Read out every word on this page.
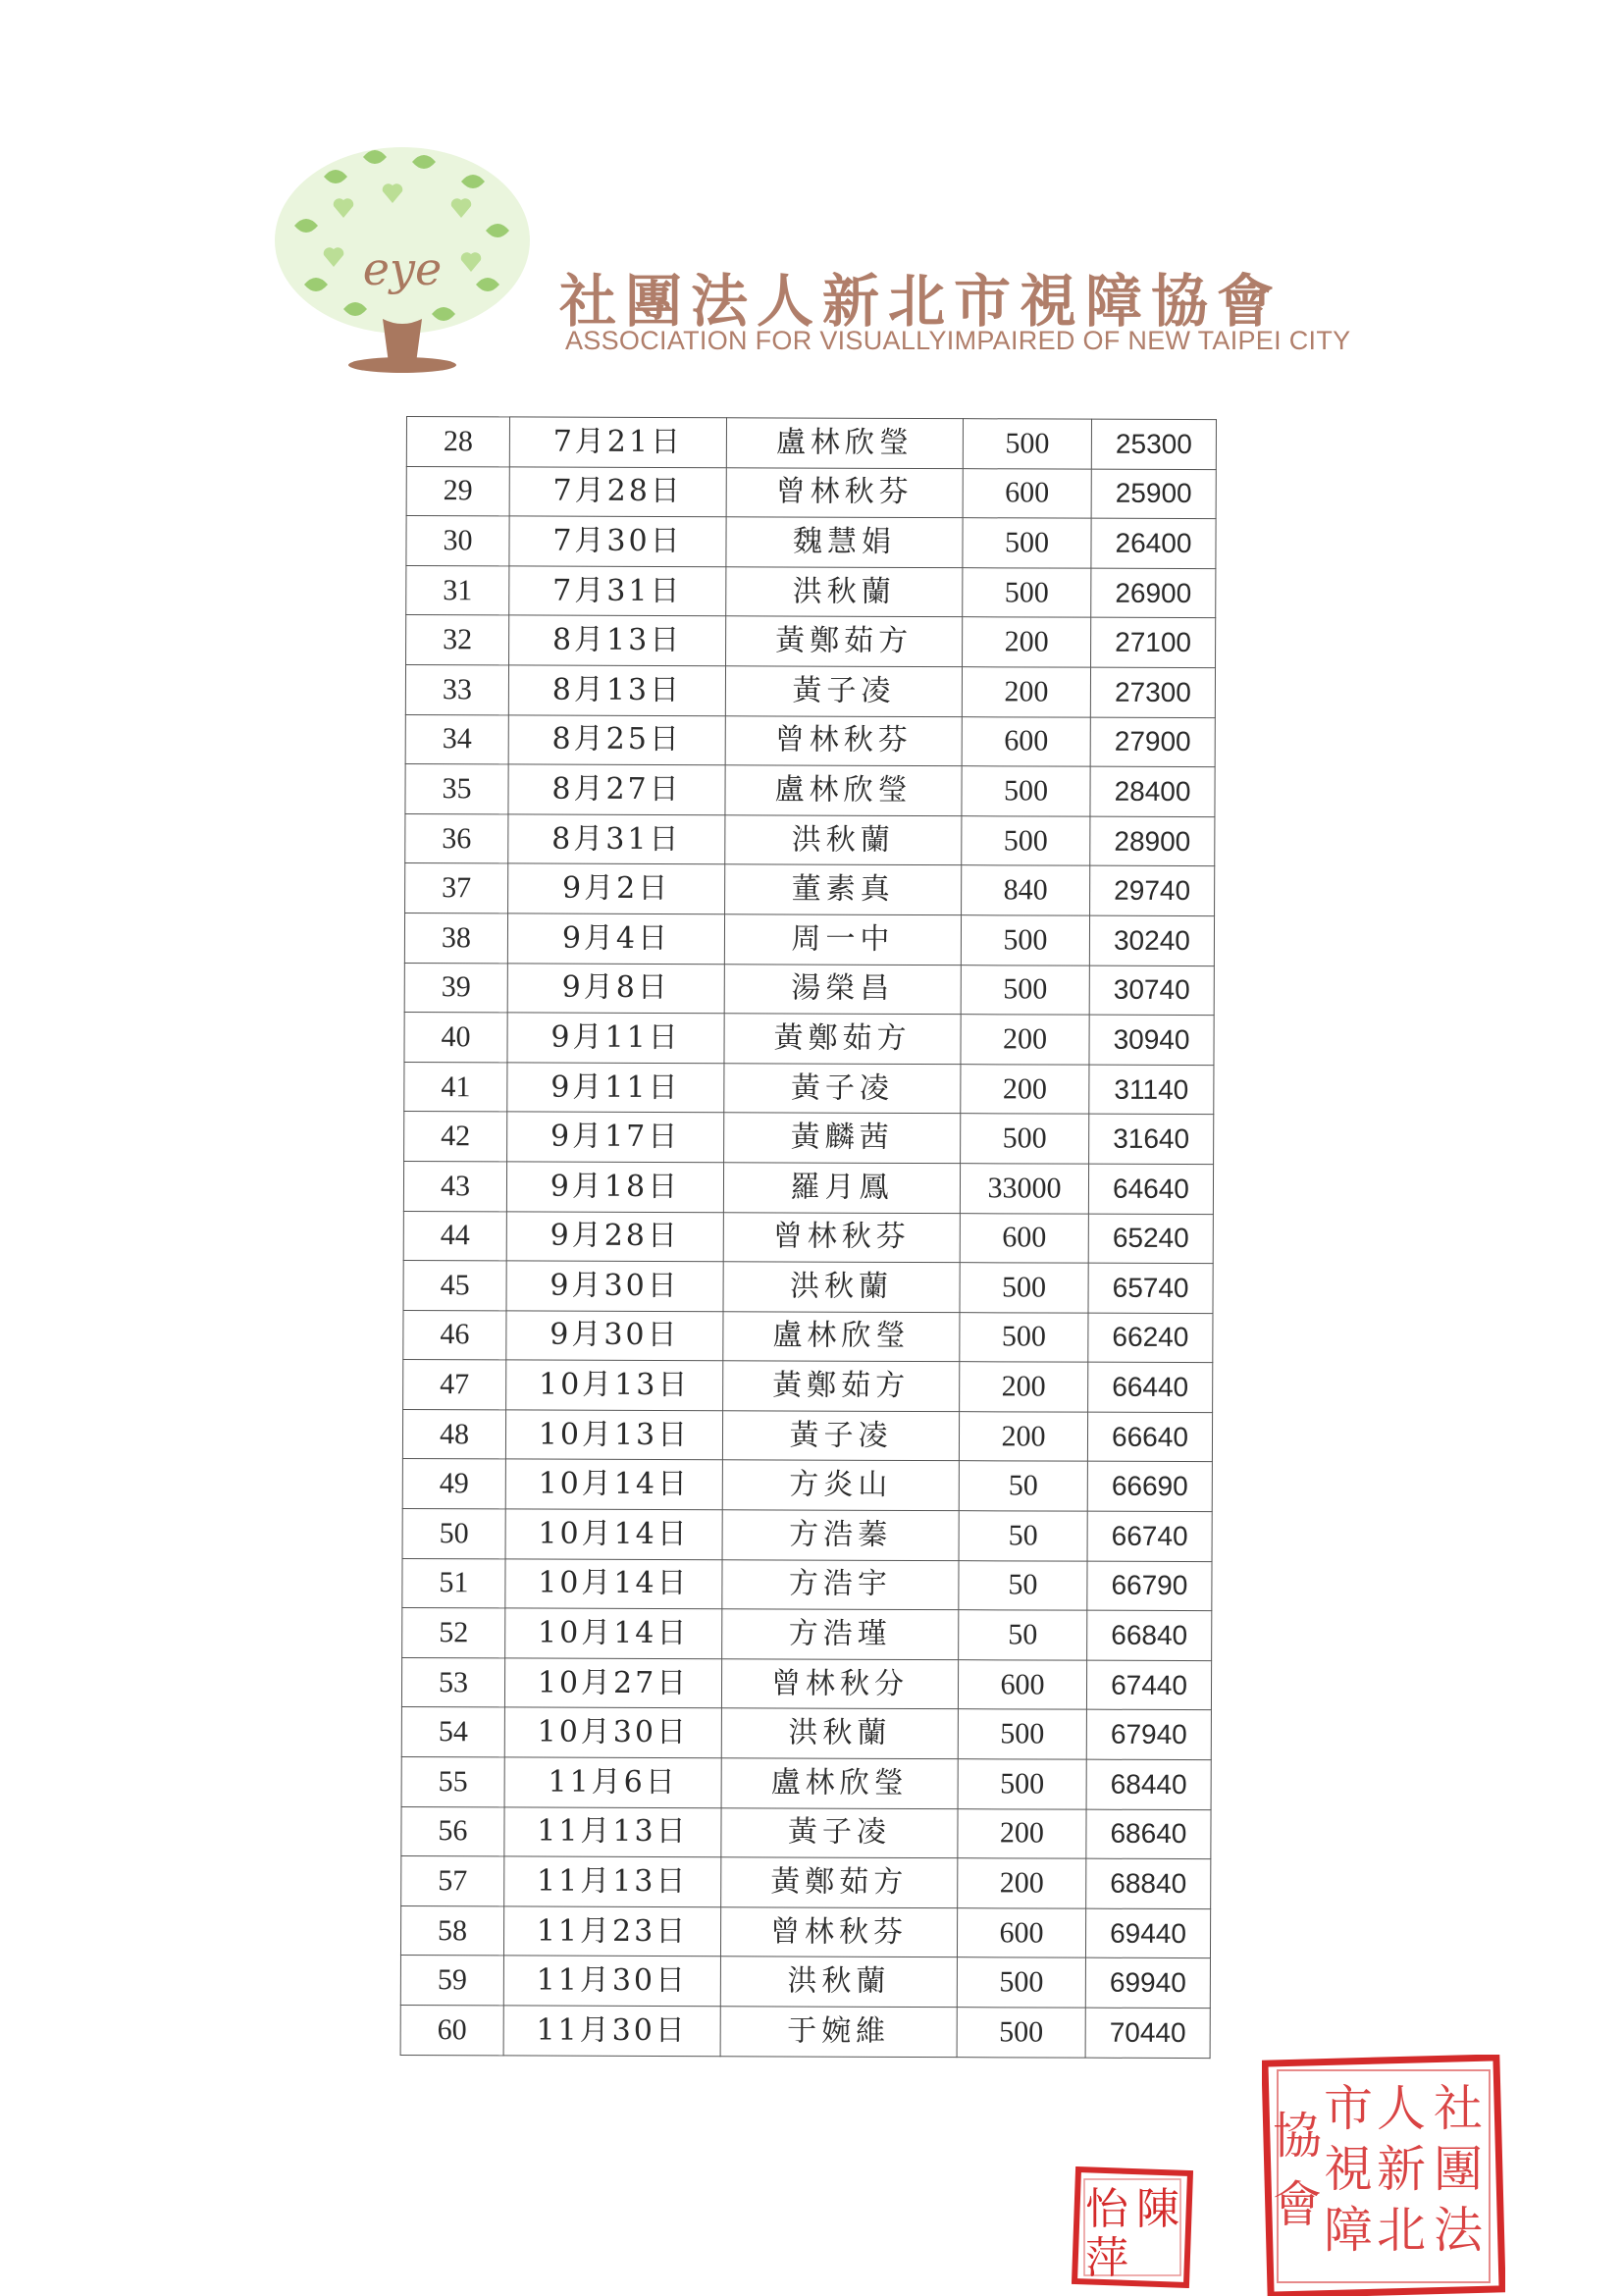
eye 社團法人新北市視障協會
ASSOCIATION FOR VISUALLYIMPAIRED OF NEW TAIPEI CITY
28	7月21日	盧林欣瑩	500	25300
29	7月28日	曾林秋芬	600	25900
30	7月30日	魏慧娟	500	26400
31	7月31日	洪秋蘭	500	26900
32	8月13日	黃鄭茹方	200	27100
33	8月13日	黃子凌	200	27300
34	8月25日	曾林秋芬	600	27900
35	8月27日	盧林欣瑩	500	28400
36	8月31日	洪秋蘭	500	28900
37	9月2日	董素真	840	29740
38	9月4日	周一中	500	30240
39	9月8日	湯榮昌	500	30740
40	9月11日	黃鄭茹方	200	30940
41	9月11日	黃子凌	200	31140
42	9月17日	黃麟茜	500	31640
43	9月18日	羅月鳳	33000	64640
44	9月28日	曾林秋芬	600	65240
45	9月30日	洪秋蘭	500	65740
46	9月30日	盧林欣瑩	500	66240
47	10月13日	黃鄭茹方	200	66440
48	10月13日	黃子凌	200	66640
49	10月14日	方炎山	50	66690
50	10月14日	方浩蓁	50	66740
51	10月14日	方浩宇	50	66790
52	10月14日	方浩瑾	50	66840
53	10月27日	曾林秋分	600	67440
54	10月30日	洪秋蘭	500	67940
55	11月6日	盧林欣瑩	500	68440
56	11月13日	黃子凌	200	68640
57	11月13日	黃鄭茹方	200	68840
58	11月23日	曾林秋芬	600	69440
59	11月30日	洪秋蘭	500	69940
60	11月30日	于婉維	500	70440
陳
怡
萍
社
團
法
人
新
北
市
視
障
協
會
